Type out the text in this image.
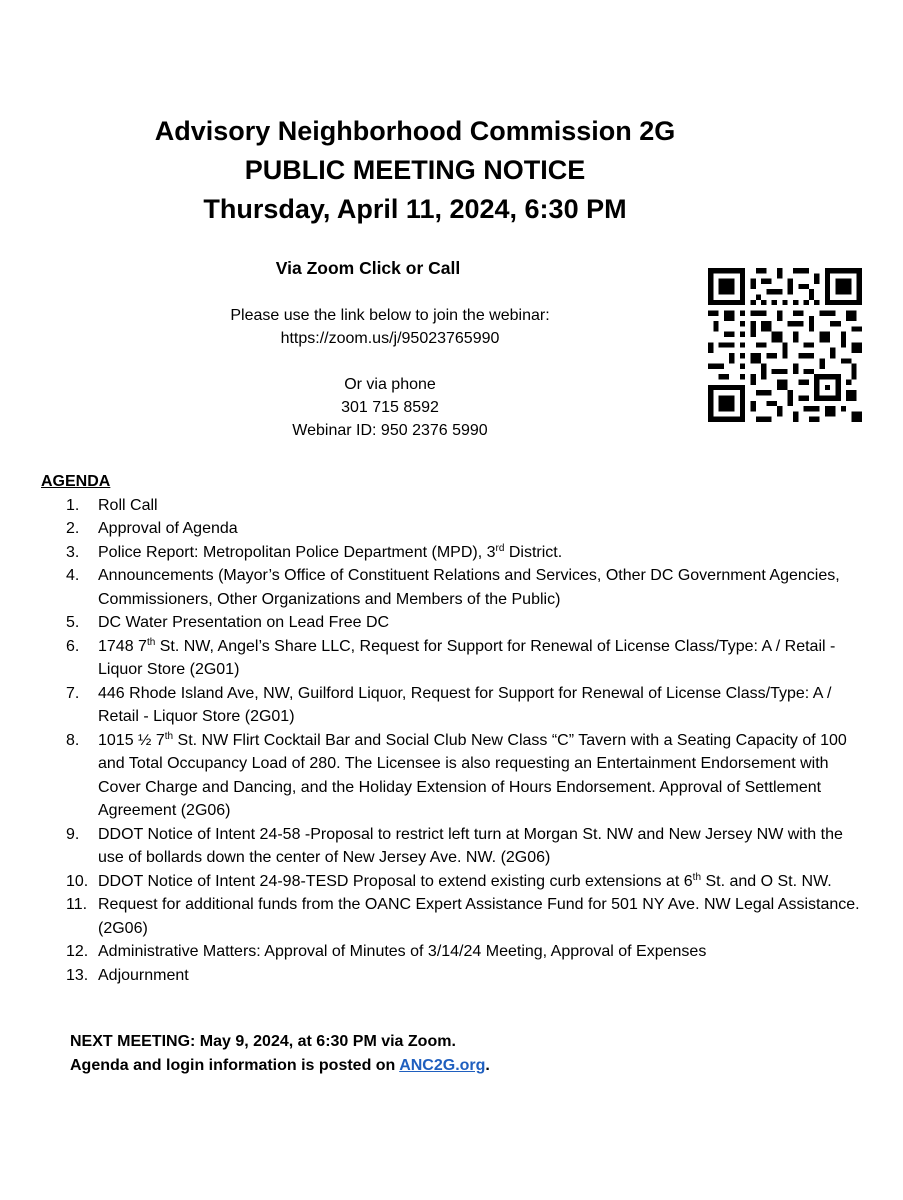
Advisory Neighborhood Commission 2G
PUBLIC MEETING NOTICE
Thursday, April 11, 2024, 6:30 PM
Via Zoom Click or Call
Please use the link below to join the webinar:
https://zoom.us/j/95023765990
Or via phone
301 715 8592
Webinar ID: 950 2376 5990
AGENDA
1. Roll Call
2. Approval of Agenda
3. Police Report: Metropolitan Police Department (MPD), 3rd District.
4. Announcements (Mayor’s Office of Constituent Relations and Services, Other DC Government Agencies, Commissioners, Other Organizations and Members of the Public)
5. DC Water Presentation on Lead Free DC
6. 1748 7th St. NW, Angel’s Share LLC, Request for Support for Renewal of License Class/Type: A / Retail -Liquor Store (2G01)
7. 446 Rhode Island Ave, NW, Guilford Liquor, Request for Support for Renewal of License Class/Type: A / Retail - Liquor Store (2G01)
8. 1015 ½ 7th St. NW Flirt Cocktail Bar and Social Club New Class “C” Tavern with a Seating Capacity of 100 and Total Occupancy Load of 280. The Licensee is also requesting an Entertainment Endorsement with Cover Charge and Dancing, and the Holiday Extension of Hours Endorsement. Approval of Settlement Agreement (2G06)
9. DDOT Notice of Intent 24-58 -Proposal to restrict left turn at Morgan St. NW and New Jersey NW with the use of bollards down the center of New Jersey Ave. NW. (2G06)
10. DDOT Notice of Intent 24-98-TESD Proposal to extend existing curb extensions at 6th St. and O St. NW.
11. Request for additional funds from the OANC Expert Assistance Fund for 501 NY Ave. NW Legal Assistance. (2G06)
12. Administrative Matters: Approval of Minutes of 3/14/24 Meeting, Approval of Expenses
13. Adjournment
NEXT MEETING: May 9, 2024, at 6:30 PM via Zoom.
Agenda and login information is posted on ANC2G.org.
